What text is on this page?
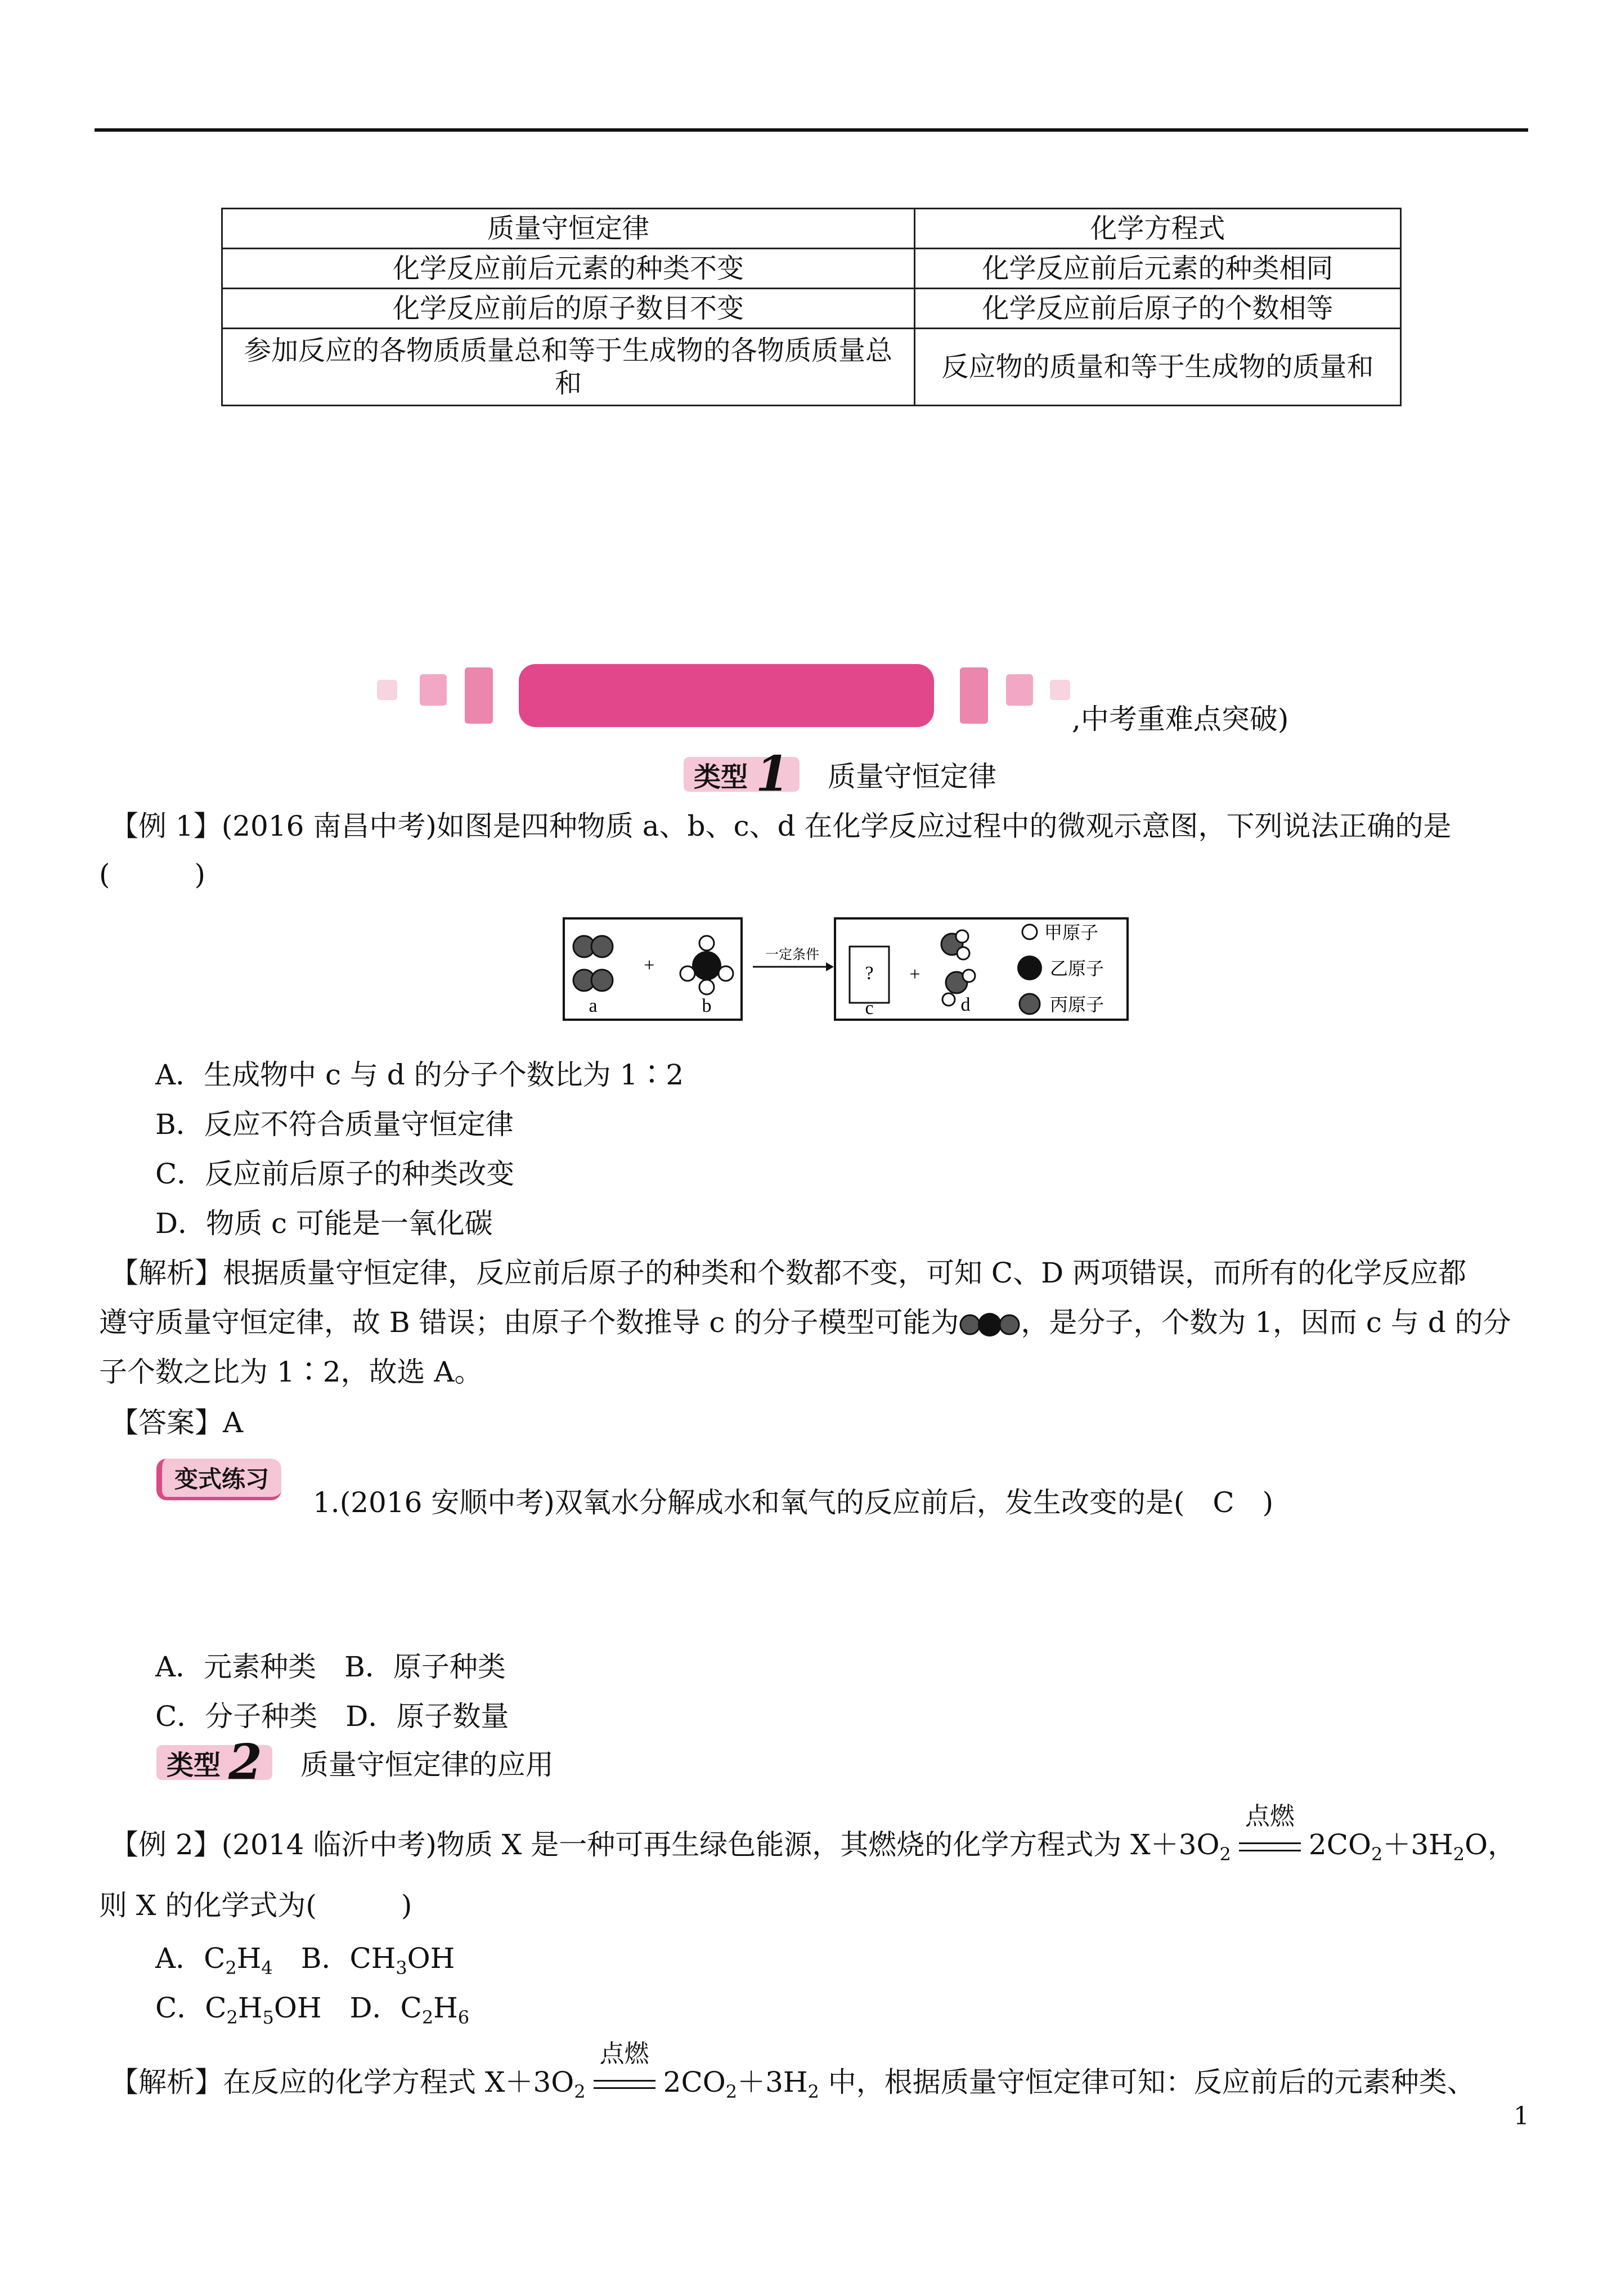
质量守恒定律	化学方程式
化学反应前后元素的种类不变	化学反应前后元素的种类相同
化学反应前后的原子数目不变	化学反应前后原子的个数相等
参加反应的各物质质量总和等于生成物的各物质质量总和	反应物的质量和等于生成物的质量和
,中考重难点突破)
类型 1 质量守恒定律
【例 1】(2016 南昌中考)如图是四种物质 a、b、c、d 在化学反应过程中的微观示意图，下列说法正确的是
(　　　)
a
+
b
一定条件
?
c
+
d
甲原子
乙原子
丙原子
A．生成物中 c 与 d 的分子个数比为 1∶2
B．反应不符合质量守恒定律
C．反应前后原子的种类改变
D．物质 c 可能是一氧化碳
【解析】根据质量守恒定律，反应前后原子的种类和个数都不变，可知 C、D 两项错误，而所有的化学反应都
遵守质量守恒定律，故 B 错误；由原子个数推导 c 的分子模型可能为 ，是分子，个数为 1，因而 c 与 d 的分
子个数之比为 1∶2，故选 A。
【答案】A
变式练习
1.(2016 安顺中考)双氧水分解成水和氧气的反应前后，发生改变的是(　C　)
A．元素种类　B．原子种类
C．分子种类　D．原子数量
类型 2 质量守恒定律的应用
【例 2】(2014 临沂中考)物质 X 是一种可再生绿色能源，其燃烧的化学方程式为 $X+3O_2$
点燃
$2CO_2+3H_2O$，
则 X 的化学式为(　　　)
A．$C_2H_4$　B．$CH_3OH$
C．$C_2H_5OH$　D．$C_2H_6$
【解析】在反应的化学方程式 $X+3O_2$
点燃
$2CO_2+3H_2$ 中，根据质量守恒定律可知：反应前后的元素种类、
1
